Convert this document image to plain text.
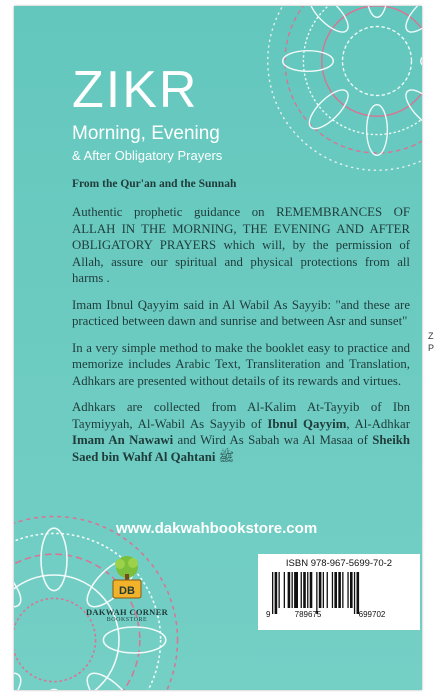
ZIKR
Morning, Evening
& After Obligatory Prayers
From the Qur'an and the Sunnah

Authentic prophetic guidance on REMEMBRANCES OF ALLAH IN THE MORNING, THE EVENING AND AFTER OBLIGATORY PRAYERS which will, by the permission of Allah, assure our spiritual and physical protections from all harms .

Imam Ibnul Qayyim said in Al Wabil As Sayyib: "and these are practiced between dawn and sunrise and between Asr and sunset"

In a very simple method to make the booklet easy to practice and memorize includes Arabic Text, Transliteration and Translation, Adhkars are presented without details of its rewards and virtues.

Adhkars are collected from Al-Kalim At-Tayyib of Ibn Taymiyyah, Al-Wabil As Sayyib of Ibnul Qayyim, Al-Adhkar Imam An Nawawi and Wird As Sabah wa Al Masaa of Sheikh Saed bin Wahf Al Qahtani ﷺ

www.dakwahbookstore.com
DB
DAKWAH CORNER
BOOKSTORE
ISBN 978-967-5699-70-2
9	789675	699702
Z
P
